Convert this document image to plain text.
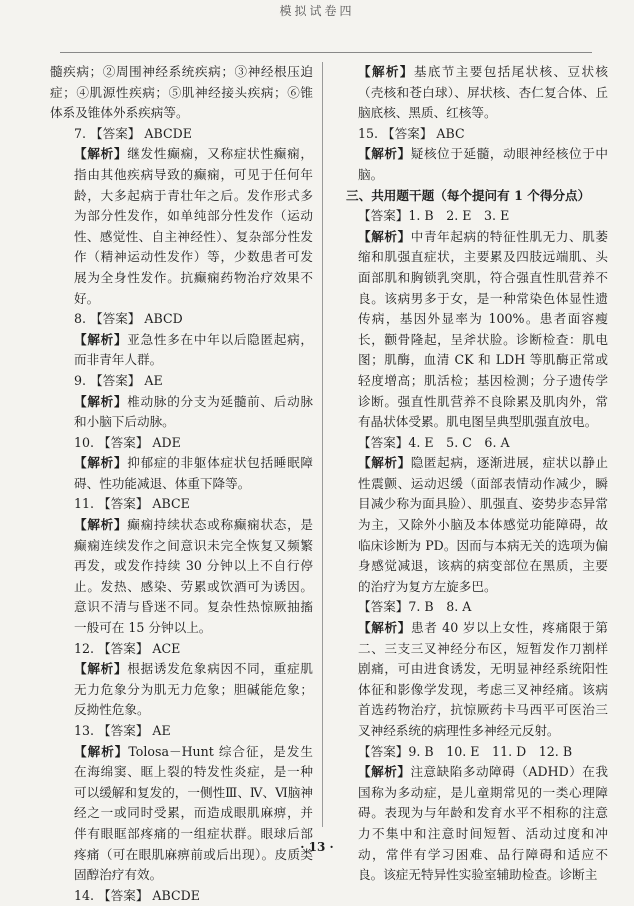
模拟试卷四

髓疾病；②周围神经系统疾病；③神经根压迫症；④肌源性疾病；⑤肌神经接头疾病；⑥锥体系及锥体外系疾病等。

7. 【答案】 ABCDE

【解析】继发性癫痫，又称症状性癫痫，指由其他疾病导致的癫痫，可见于任何年龄，大多起病于青壮年之后。发作形式多为部分性发作，如单纯部分性发作（运动性、感觉性、自主神经性）、复杂部分性发作（精神运动性发作）等，少数患者可发展为全身性发作。抗癫痫药物治疗效果不好。

8. 【答案】 ABCD

【解析】亚急性多在中年以后隐匿起病，而非青年人群。

9. 【答案】 AE

【解析】椎动脉的分支为延髓前、后动脉和小脑下后动脉。

10. 【答案】 ADE

【解析】抑郁症的非躯体症状包括睡眠障碍、性功能减退、体重下降等。

11. 【答案】 ABCE

【解析】癫痫持续状态或称癫痫状态，是癫痫连续发作之间意识未完全恢复又频繁再发，或发作持续 30 分钟以上不自行停止。发热、感染、劳累或饮酒可为诱因。意识不清与昏迷不同。复杂性热惊厥抽搐一般可在 15 分钟以上。

12. 【答案】 ACE

【解析】根据诱发危象病因不同，重症肌无力危象分为肌无力危象；胆碱能危象；反拗性危象。

13. 【答案】 AE

【解析】Tolosa－Hunt 综合征，是发生在海绵窦、眶上裂的特发性炎症，是一种可以缓解和复发的，一侧性Ⅲ、Ⅳ、Ⅵ脑神经之一或同时受累，而造成眼肌麻痹，并伴有眼眶部疼痛的一组症状群。眼球后部疼痛（可在眼肌麻痹前或后出现）。皮质类固醇治疗有效。

14. 【答案】 ABCDE

【解析】基底节主要包括尾状核、豆状核（壳核和苍白球）、屏状核、杏仁复合体、丘脑底核、黑质、红核等。

15. 【答案】 ABC

【解析】疑核位于延髓，动眼神经核位于中脑。

三、共用题干题（每个提问有 1 个得分点）

【答案】1. B　2. E　3. E

【解析】中青年起病的特征性肌无力、肌萎缩和肌强直症状，主要累及四肢远端肌、头面部肌和胸锁乳突肌，符合强直性肌营养不良。该病男多于女，是一种常染色体显性遗传病，基因外显率为 100%。患者面容瘦长，颧骨隆起，呈斧状脸。诊断检查：肌电图；肌酶，血清 CK 和 LDH 等肌酶正常或轻度增高；肌活检；基因检测；分子遗传学诊断。强直性肌营养不良除累及肌肉外，常有晶状体受累。肌电图呈典型肌强直放电。

【答案】4. E　5. C　6. A

【解析】隐匿起病，逐渐进展，症状以静止性震颤、运动迟缓（面部表情动作减少，瞬目减少称为面具脸）、肌强直、姿势步态异常为主，又除外小脑及本体感觉功能障碍，故临床诊断为 PD。因而与本病无关的选项为偏身感觉减退，该病的病变部位在黑质，主要的治疗为复方左旋多巴。

【答案】7. B　8. A

【解析】患者 40 岁以上女性，疼痛限于第二、三支三叉神经分布区，短暂发作刀割样剧痛，可由进食诱发，无明显神经系统阳性体征和影像学发现，考虑三叉神经痛。该病首选药物治疗，抗惊厥药卡马西平可医治三叉神经系统的病理性多神经元反射。

【答案】9. B　10. E　11. D　12. B

【解析】注意缺陷多动障碍（ADHD）在我国称为多动症，是儿童期常见的一类心理障碍。表现为与年龄和发育水平不相称的注意力不集中和注意时间短暂、活动过度和冲动，常伴有学习困难、品行障碍和适应不良。该症无特异性实验室辅助检查。诊断主

· 13 ·
